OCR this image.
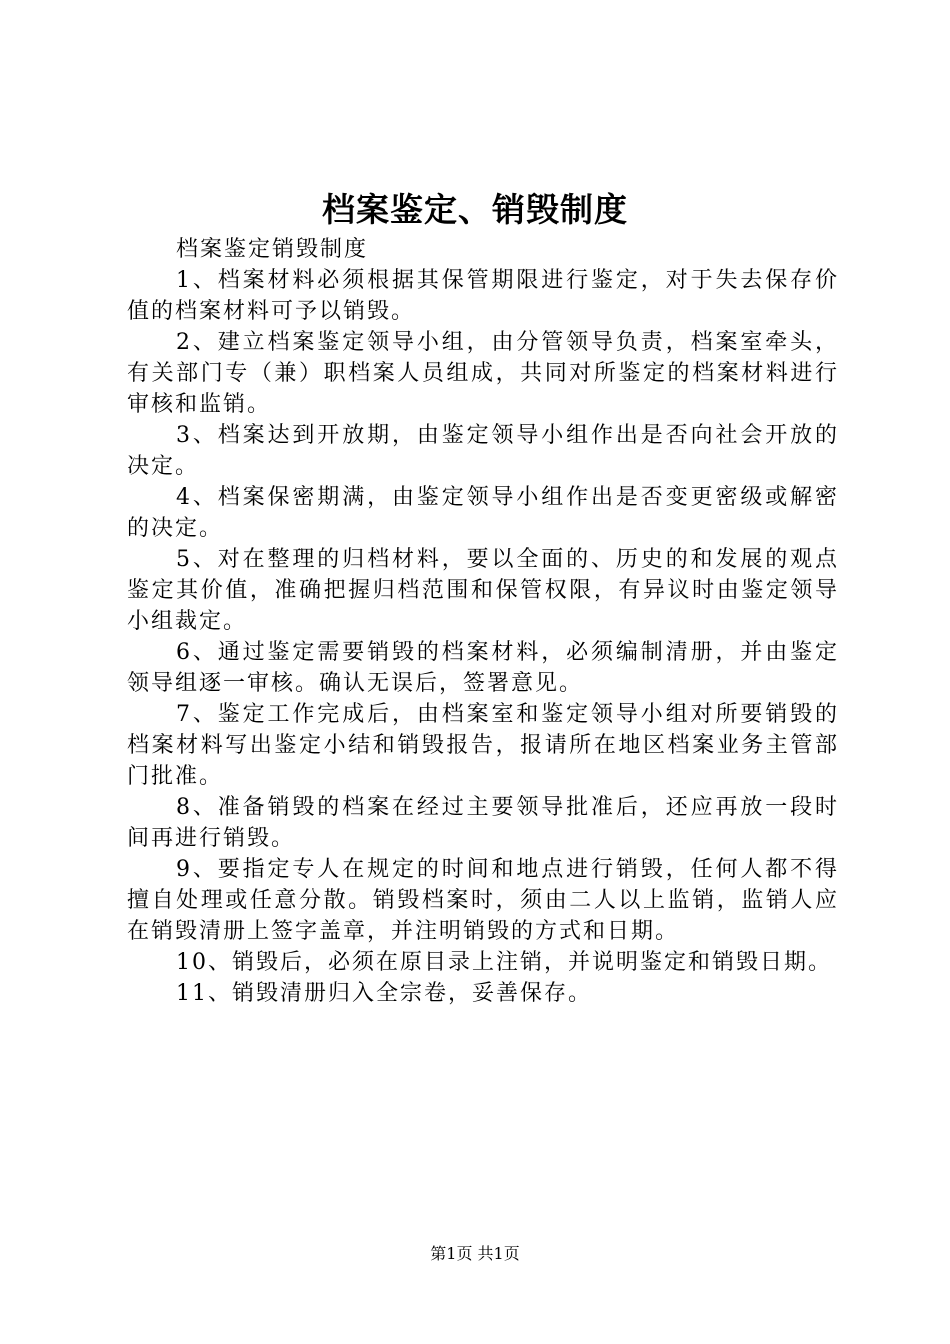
档案鉴定、销毁制度

档案鉴定销毁制度

1、档案材料必须根据其保管期限进行鉴定，对于失去保存价值的档案材料可予以销毁。

2、建立档案鉴定领导小组，由分管领导负责，档案室牵头，有关部门专（兼）职档案人员组成，共同对所鉴定的档案材料进行审核和监销。

3、档案达到开放期，由鉴定领导小组作出是否向社会开放的决定。

4、档案保密期满，由鉴定领导小组作出是否变更密级或解密的决定。

5、对在整理的归档材料，要以全面的、历史的和发展的观点鉴定其价值，准确把握归档范围和保管权限，有异议时由鉴定领导小组裁定。

6、通过鉴定需要销毁的档案材料，必须编制清册，并由鉴定领导组逐一审核。确认无误后，签署意见。

7、鉴定工作完成后，由档案室和鉴定领导小组对所要销毁的档案材料写出鉴定小结和销毁报告，报请所在地区档案业务主管部门批准。

8、准备销毁的档案在经过主要领导批准后，还应再放一段时间再进行销毁。

9、要指定专人在规定的时间和地点进行销毁，任何人都不得擅自处理或任意分散。销毁档案时，须由二人以上监销，监销人应在销毁清册上签字盖章，并注明销毁的方式和日期。

10、销毁后，必须在原目录上注销，并说明鉴定和销毁日期。

11、销毁清册归入全宗卷，妥善保存。

第1页 共1页
